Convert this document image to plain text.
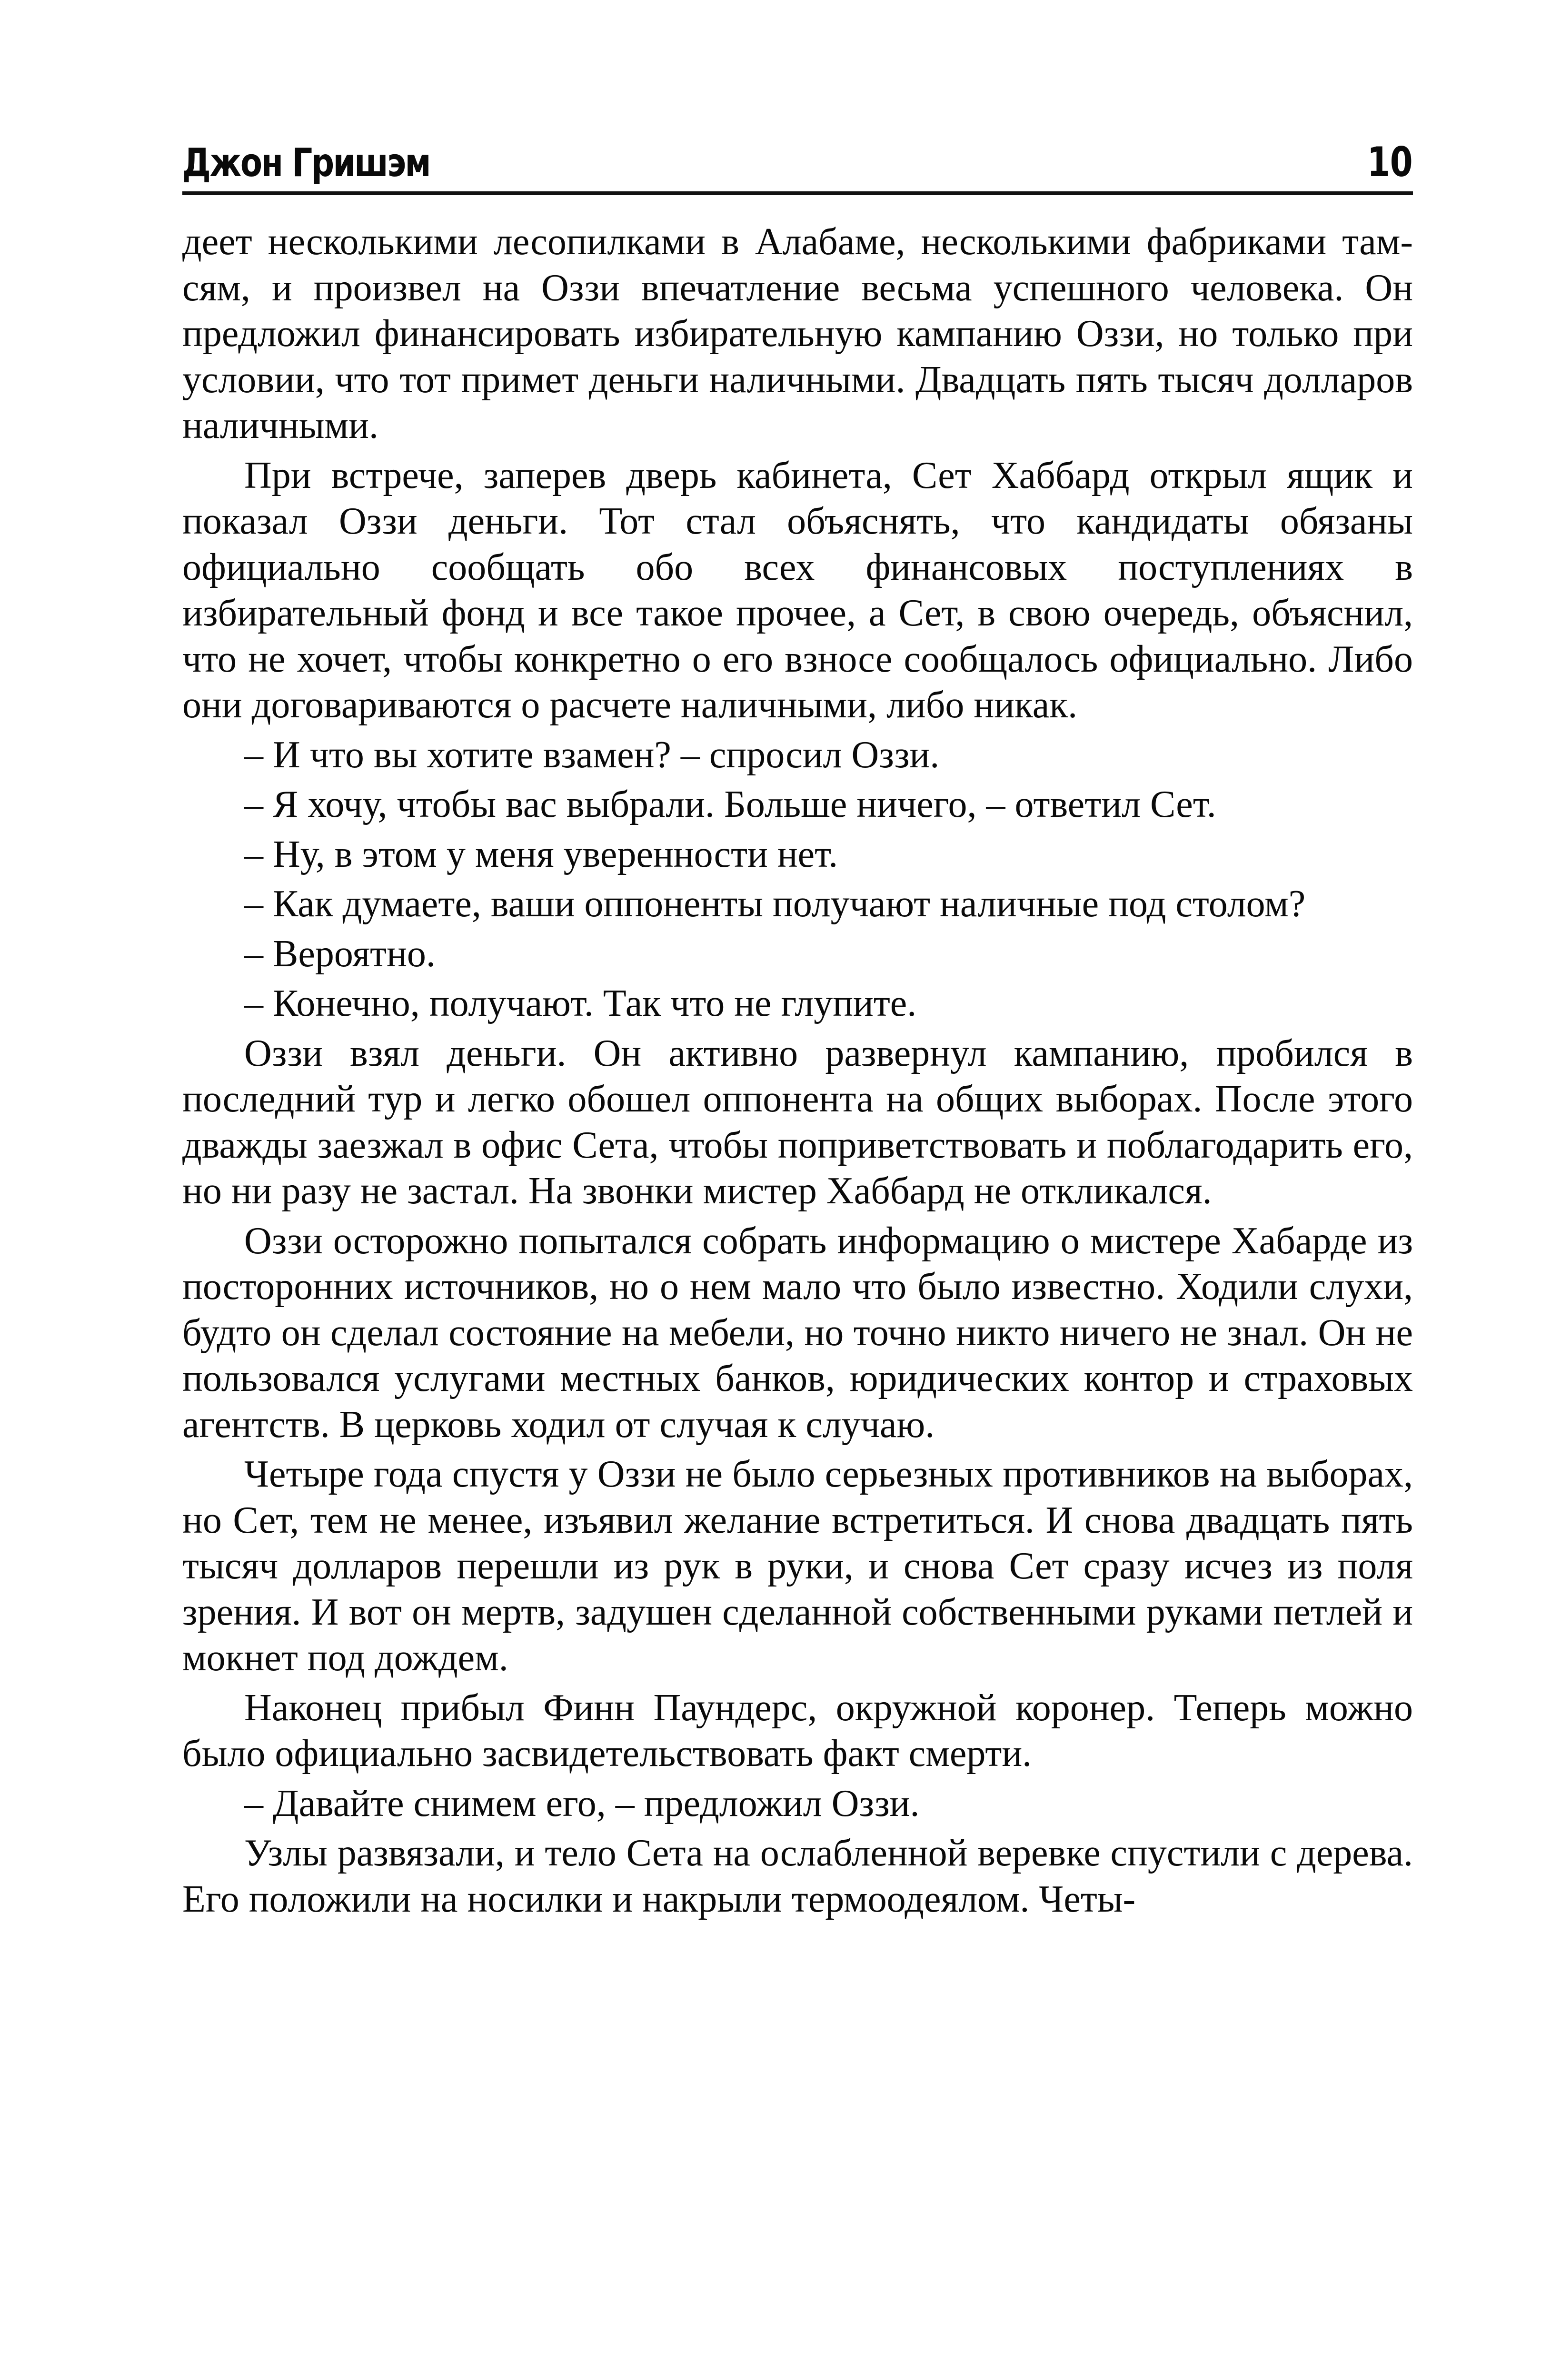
Джон Гришэм	10

деет несколькими лесопилками в Алабаме, несколькими фабриками там-сям, и произвел на Оззи впечатление весьма успешного человека. Он предложил финансировать избирательную кампанию Оззи, но только при условии, что тот примет деньги наличными. Двадцать пять тысяч долларов наличными.

При встрече, заперев дверь кабинета, Сет Хаббард открыл ящик и показал Оззи деньги. Тот стал объяснять, что кандидаты обязаны официально сообщать обо всех финансовых поступлениях в избирательный фонд и все такое прочее, а Сет, в свою очередь, объяснил, что не хочет, чтобы конкретно о его взносе сообщалось официально. Либо они договариваются о расчете наличными, либо никак.

– И что вы хотите взамен? – спросил Оззи.

– Я хочу, чтобы вас выбрали. Больше ничего, – ответил Сет.

– Ну, в этом у меня уверенности нет.

– Как думаете, ваши оппоненты получают наличные под столом?

– Вероятно.

– Конечно, получают. Так что не глупите.

Оззи взял деньги. Он активно развернул кампанию, пробился в последний тур и легко обошел оппонента на общих выборах. После этого дважды заезжал в офис Сета, чтобы поприветствовать и поблагодарить его, но ни разу не застал. На звонки мистер Хаббард не откликался.

Оззи осторожно попытался собрать информацию о мистере Хабарде из посторонних источников, но о нем мало что было известно. Ходили слухи, будто он сделал состояние на мебели, но точно никто ничего не знал. Он не пользовался услугами местных банков, юридических контор и страховых агентств. В церковь ходил от случая к случаю.

Четыре года спустя у Оззи не было серьезных противников на выборах, но Сет, тем не менее, изъявил желание встретиться. И снова двадцать пять тысяч долларов перешли из рук в руки, и снова Сет сразу исчез из поля зрения. И вот он мертв, задушен сделанной собственными руками петлей и мокнет под дождем.

Наконец прибыл Финн Паундерс, окружной коронер. Теперь можно было официально засвидетельствовать факт смерти.

– Давайте снимем его, – предложил Оззи.

Узлы развязали, и тело Сета на ослабленной веревке спустили с дерева. Его положили на носилки и накрыли термоодеялом. Четы-
